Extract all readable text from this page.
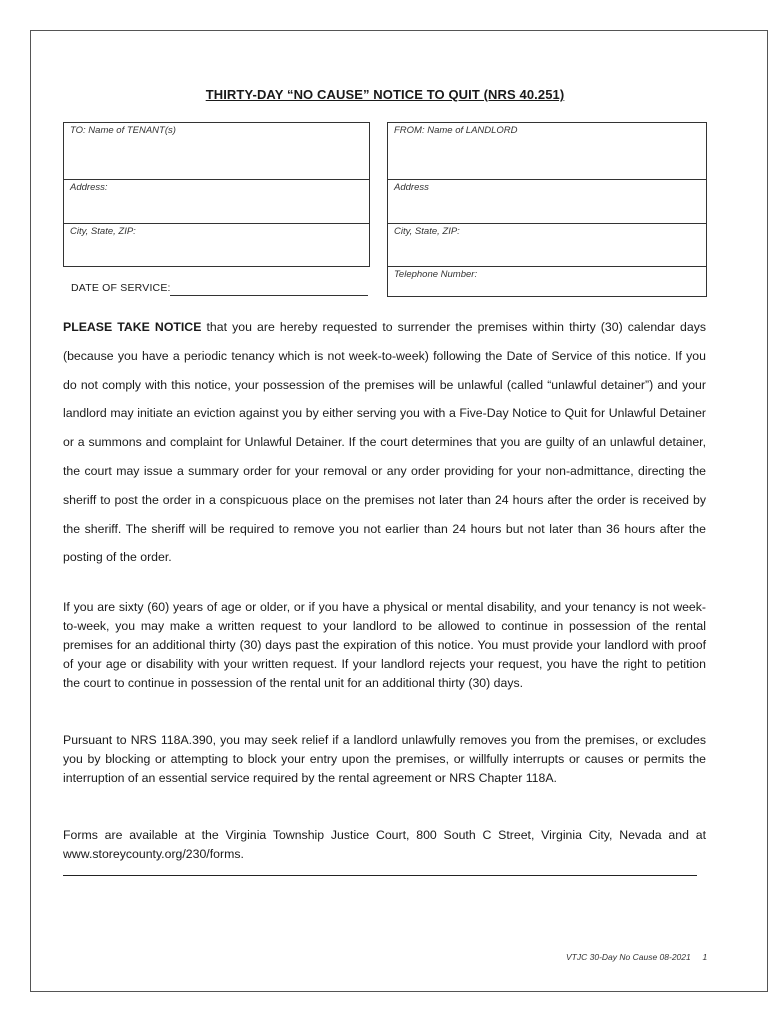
THIRTY-DAY “NO CAUSE” NOTICE TO QUIT (NRS 40.251)
TO: Name of TENANT(s)
Address:
City, State, ZIP:
FROM: Name of LANDLORD
Address
City, State, ZIP:
Telephone Number:
DATE OF SERVICE:
PLEASE TAKE NOTICE that you are hereby requested to surrender the premises within thirty (30) calendar days (because you have a periodic tenancy which is not week-to-week) following the Date of Service of this notice. If you do not comply with this notice, your possession of the premises will be unlawful (called “unlawful detainer”) and your landlord may initiate an eviction against you by either serving you with a Five-Day Notice to Quit for Unlawful Detainer or a summons and complaint for Unlawful Detainer. If the court determines that you are guilty of an unlawful detainer, the court may issue a summary order for your removal or any order providing for your non-admittance, directing the sheriff to post the order in a conspicuous place on the premises not later than 24 hours after the order is received by the sheriff. The sheriff will be required to remove you not earlier than 24 hours but not later than 36 hours after the posting of the order.
If you are sixty (60) years of age or older, or if you have a physical or mental disability, and your tenancy is not week-to-week, you may make a written request to your landlord to be allowed to continue in possession of the rental premises for an additional thirty (30) days past the expiration of this notice. You must provide your landlord with proof of your age or disability with your written request. If your landlord rejects your request, you have the right to petition the court to continue in possession of the rental unit for an additional thirty (30) days.
Pursuant to NRS 118A.390, you may seek relief if a landlord unlawfully removes you from the premises, or excludes you by blocking or attempting to block your entry upon the premises, or willfully interrupts or causes or permits the interruption of an essential service required by the rental agreement or NRS Chapter 118A.
Forms are available at the Virginia Township Justice Court, 800 South C Street, Virginia City, Nevada and at www.storeycounty.org/230/forms.
VTJC 30-Day No Cause 08-2021     1
